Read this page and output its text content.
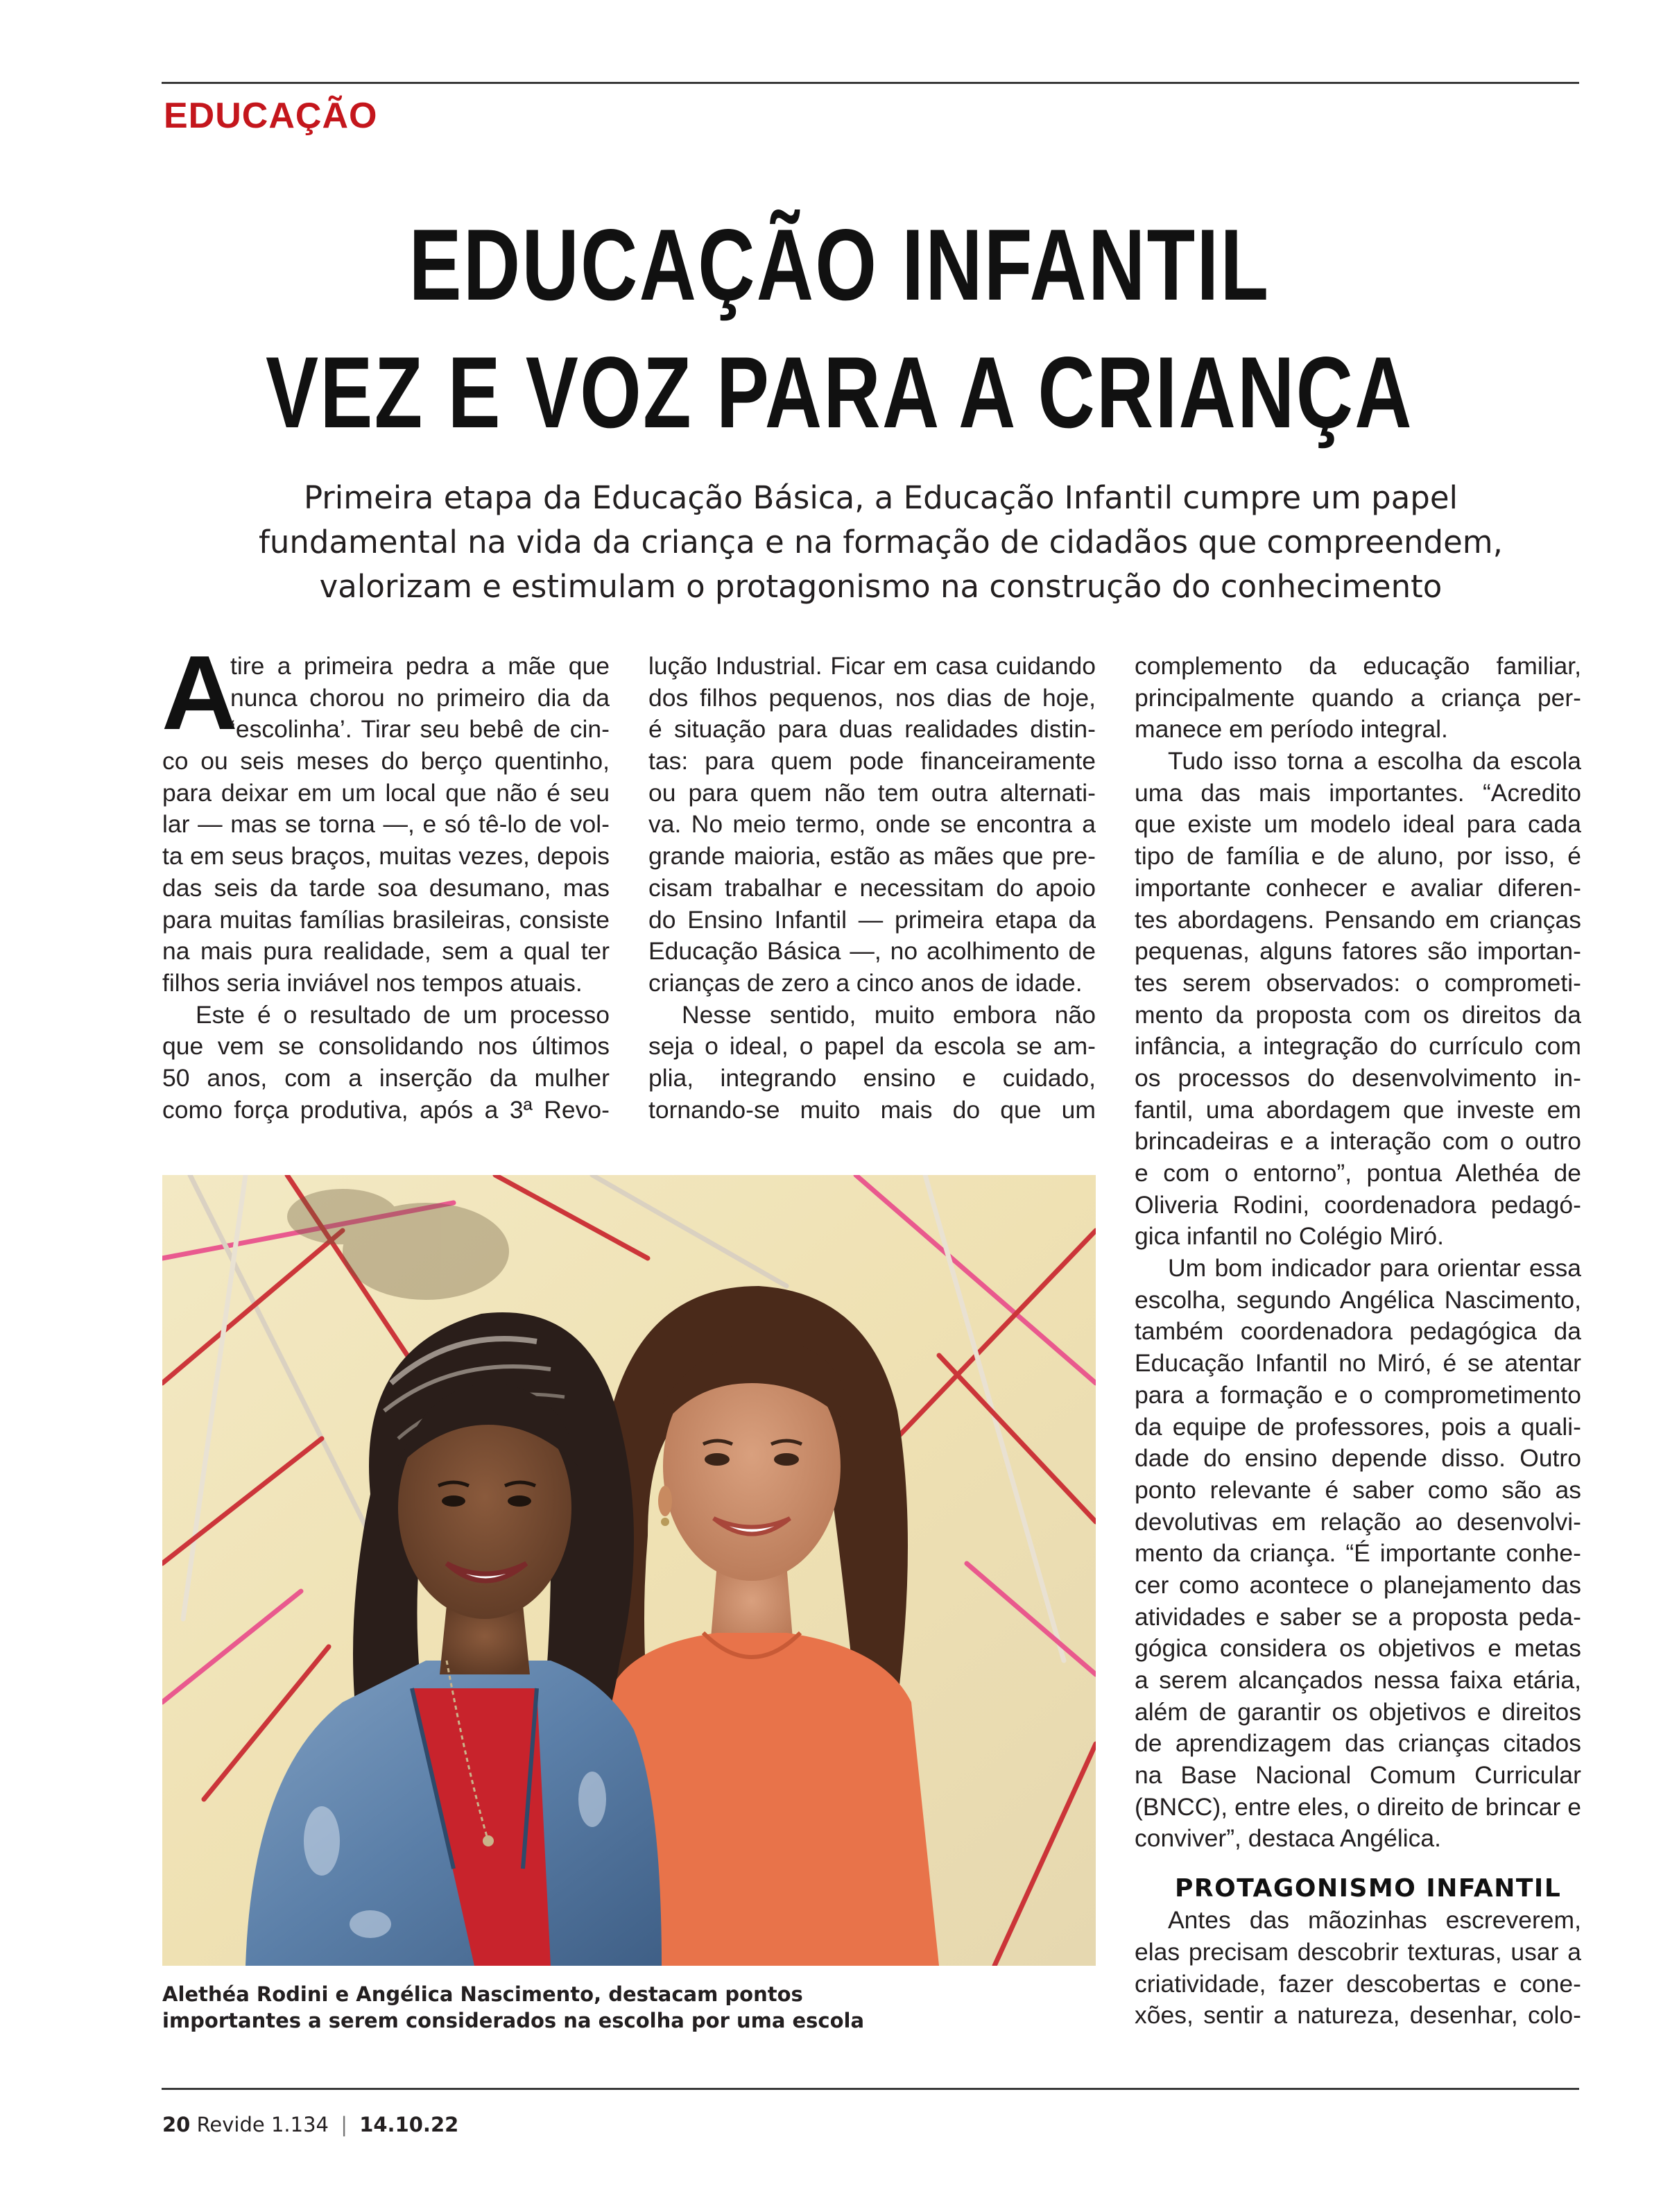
EDUCAÇÃO
EDUCAÇÃO INFANTIL
VEZ E VOZ PARA A CRIANÇA
Primeira etapa da Educação Básica, a Educação Infantil cumpre um papel
fundamental na vida da criança e na formação de cidadãos que compreendem,
valorizam e estimulam o protagonismo na construção do conhecimento
A
tire a primeira pedra a mãe que
nunca chorou no primeiro dia da
‘escolinha’. Tirar seu bebê de cin-
co ou seis meses do berço quentinho,
para deixar em um local que não é seu
lar — mas se torna —, e só tê-lo de vol-
ta em seus braços, muitas vezes, depois
das seis da tarde soa desumano, mas
para muitas famílias brasileiras, consiste
na mais pura realidade, sem a qual ter
filhos seria inviável nos tempos atuais.
Este é o resultado de um processo
que vem se consolidando nos últimos
50 anos, com a inserção da mulher
como força produtiva, após a 3ª Revo-
lução Industrial. Ficar em casa cuidando
dos filhos pequenos, nos dias de hoje,
é situação para duas realidades distin-
tas: para quem pode financeiramente
ou para quem não tem outra alternati-
va. No meio termo, onde se encontra a
grande maioria, estão as mães que pre-
cisam trabalhar e necessitam do apoio
do Ensino Infantil — primeira etapa da
Educação Básica —, no acolhimento de
crianças de zero a cinco anos de idade.
Nesse sentido, muito embora não
seja o ideal, o papel da escola se am-
plia, integrando ensino e cuidado,
tornando-se muito mais do que um
complemento da educação familiar,
principalmente quando a criança per-
manece em período integral.
Tudo isso torna a escolha da escola
uma das mais importantes. “Acredito
que existe um modelo ideal para cada
tipo de família e de aluno, por isso, é
importante conhecer e avaliar diferen-
tes abordagens. Pensando em crianças
pequenas, alguns fatores são importan-
tes serem observados: o comprometi-
mento da proposta com os direitos da
infância, a integração do currículo com
os processos do desenvolvimento in-
fantil, uma abordagem que investe em
brincadeiras e a interação com o outro
e com o entorno”, pontua Alethéa de
Oliveria Rodini, coordenadora pedagó-
gica infantil no Colégio Miró.
Um bom indicador para orientar essa
escolha, segundo Angélica Nascimento,
também coordenadora pedagógica da
Educação Infantil no Miró, é se atentar
para a formação e o comprometimento
da equipe de professores, pois a quali-
dade do ensino depende disso. Outro
ponto relevante é saber como são as
devolutivas em relação ao desenvolvi-
mento da criança. “É importante conhe-
cer como acontece o planejamento das
atividades e saber se a proposta peda-
gógica considera os objetivos e metas
a serem alcançados nessa faixa etária,
além de garantir os objetivos e direitos
de aprendizagem das crianças citados
na Base Nacional Comum Curricular
(BNCC), entre eles, o direito de brincar e
conviver”, destaca Angélica.
PROTAGONISMO INFANTIL
Antes das mãozinhas escreverem,
elas precisam descobrir texturas, usar a
criatividade, fazer descobertas e cone-
xões, sentir a natureza, desenhar, colo-
Alethéa Rodini e Angélica Nascimento, destacam pontos
importantes a serem considerados na escolha por uma escola
20 Revide 1.134 | 14.10.22
